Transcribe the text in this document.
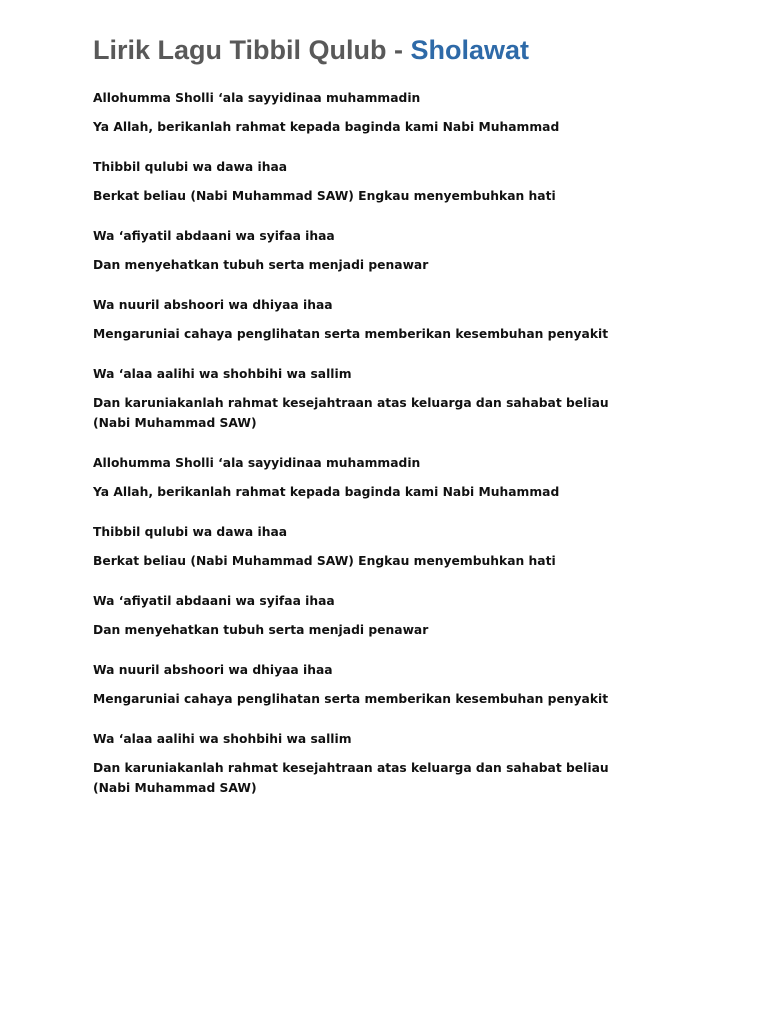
Lirik Lagu Tibbil Qulub - Sholawat
Allohumma Sholli ‘ala sayyidinaa muhammadin
Ya Allah, berikanlah rahmat kepada baginda kami Nabi Muhammad
Thibbil qulubi wa dawa ihaa
Berkat beliau (Nabi Muhammad SAW) Engkau menyembuhkan hati
Wa ‘afiyatil abdaani wa syifaa ihaa
Dan menyehatkan tubuh serta menjadi penawar
Wa nuuril abshoori wa dhiyaa ihaa
Mengaruniai cahaya penglihatan serta memberikan kesembuhan penyakit
Wa ‘alaa aalihi wa shohbihi wa sallim
Dan karuniakanlah rahmat kesejahtraan atas keluarga dan sahabat beliau (Nabi Muhammad SAW)
Allohumma Sholli ‘ala sayyidinaa muhammadin
Ya Allah, berikanlah rahmat kepada baginda kami Nabi Muhammad
Thibbil qulubi wa dawa ihaa
Berkat beliau (Nabi Muhammad SAW) Engkau menyembuhkan hati
Wa ‘afiyatil abdaani wa syifaa ihaa
Dan menyehatkan tubuh serta menjadi penawar
Wa nuuril abshoori wa dhiyaa ihaa
Mengaruniai cahaya penglihatan serta memberikan kesembuhan penyakit
Wa ‘alaa aalihi wa shohbihi wa sallim
Dan karuniakanlah rahmat kesejahtraan atas keluarga dan sahabat beliau (Nabi Muhammad SAW)
